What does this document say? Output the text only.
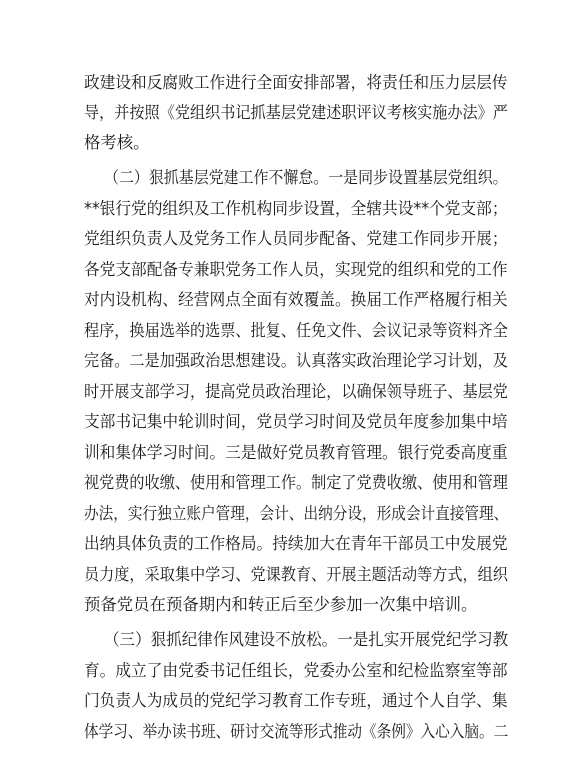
政建设和反腐败工作进行全面安排部署，将责任和压力层层传
导，并按照《党组织书记抓基层党建述职评议考核实施办法》严
格考核。
（二）狠抓基层党建工作不懈怠。一是同步设置基层党组织。
**银行党的组织及工作机构同步设置，全辖共设**个党支部；
党组织负责人及党务工作人员同步配备、党建工作同步开展；
各党支部配备专兼职党务工作人员，实现党的组织和党的工作
对内设机构、经营网点全面有效覆盖。换届工作严格履行相关
程序，换届选举的选票、批复、任免文件、会议记录等资料齐全
完备。二是加强政治思想建设。认真落实政治理论学习计划，及
时开展支部学习，提高党员政治理论，以确保领导班子、基层党
支部书记集中轮训时间，党员学习时间及党员年度参加集中培
训和集体学习时间。三是做好党员教育管理。银行党委高度重
视党费的收缴、使用和管理工作。制定了党费收缴、使用和管理
办法，实行独立账户管理，会计、出纳分设，形成会计直接管理、
出纳具体负责的工作格局。持续加大在青年干部员工中发展党
员力度，采取集中学习、党课教育、开展主题活动等方式，组织
预备党员在预备期内和转正后至少参加一次集中培训。
（三）狠抓纪律作风建设不放松。一是扎实开展党纪学习教
育。成立了由党委书记任组长，党委办公室和纪检监察室等部
门负责人为成员的党纪学习教育工作专班，通过个人自学、集
体学习、举办读书班、研讨交流等形式推动《条例》入心入脑。二
